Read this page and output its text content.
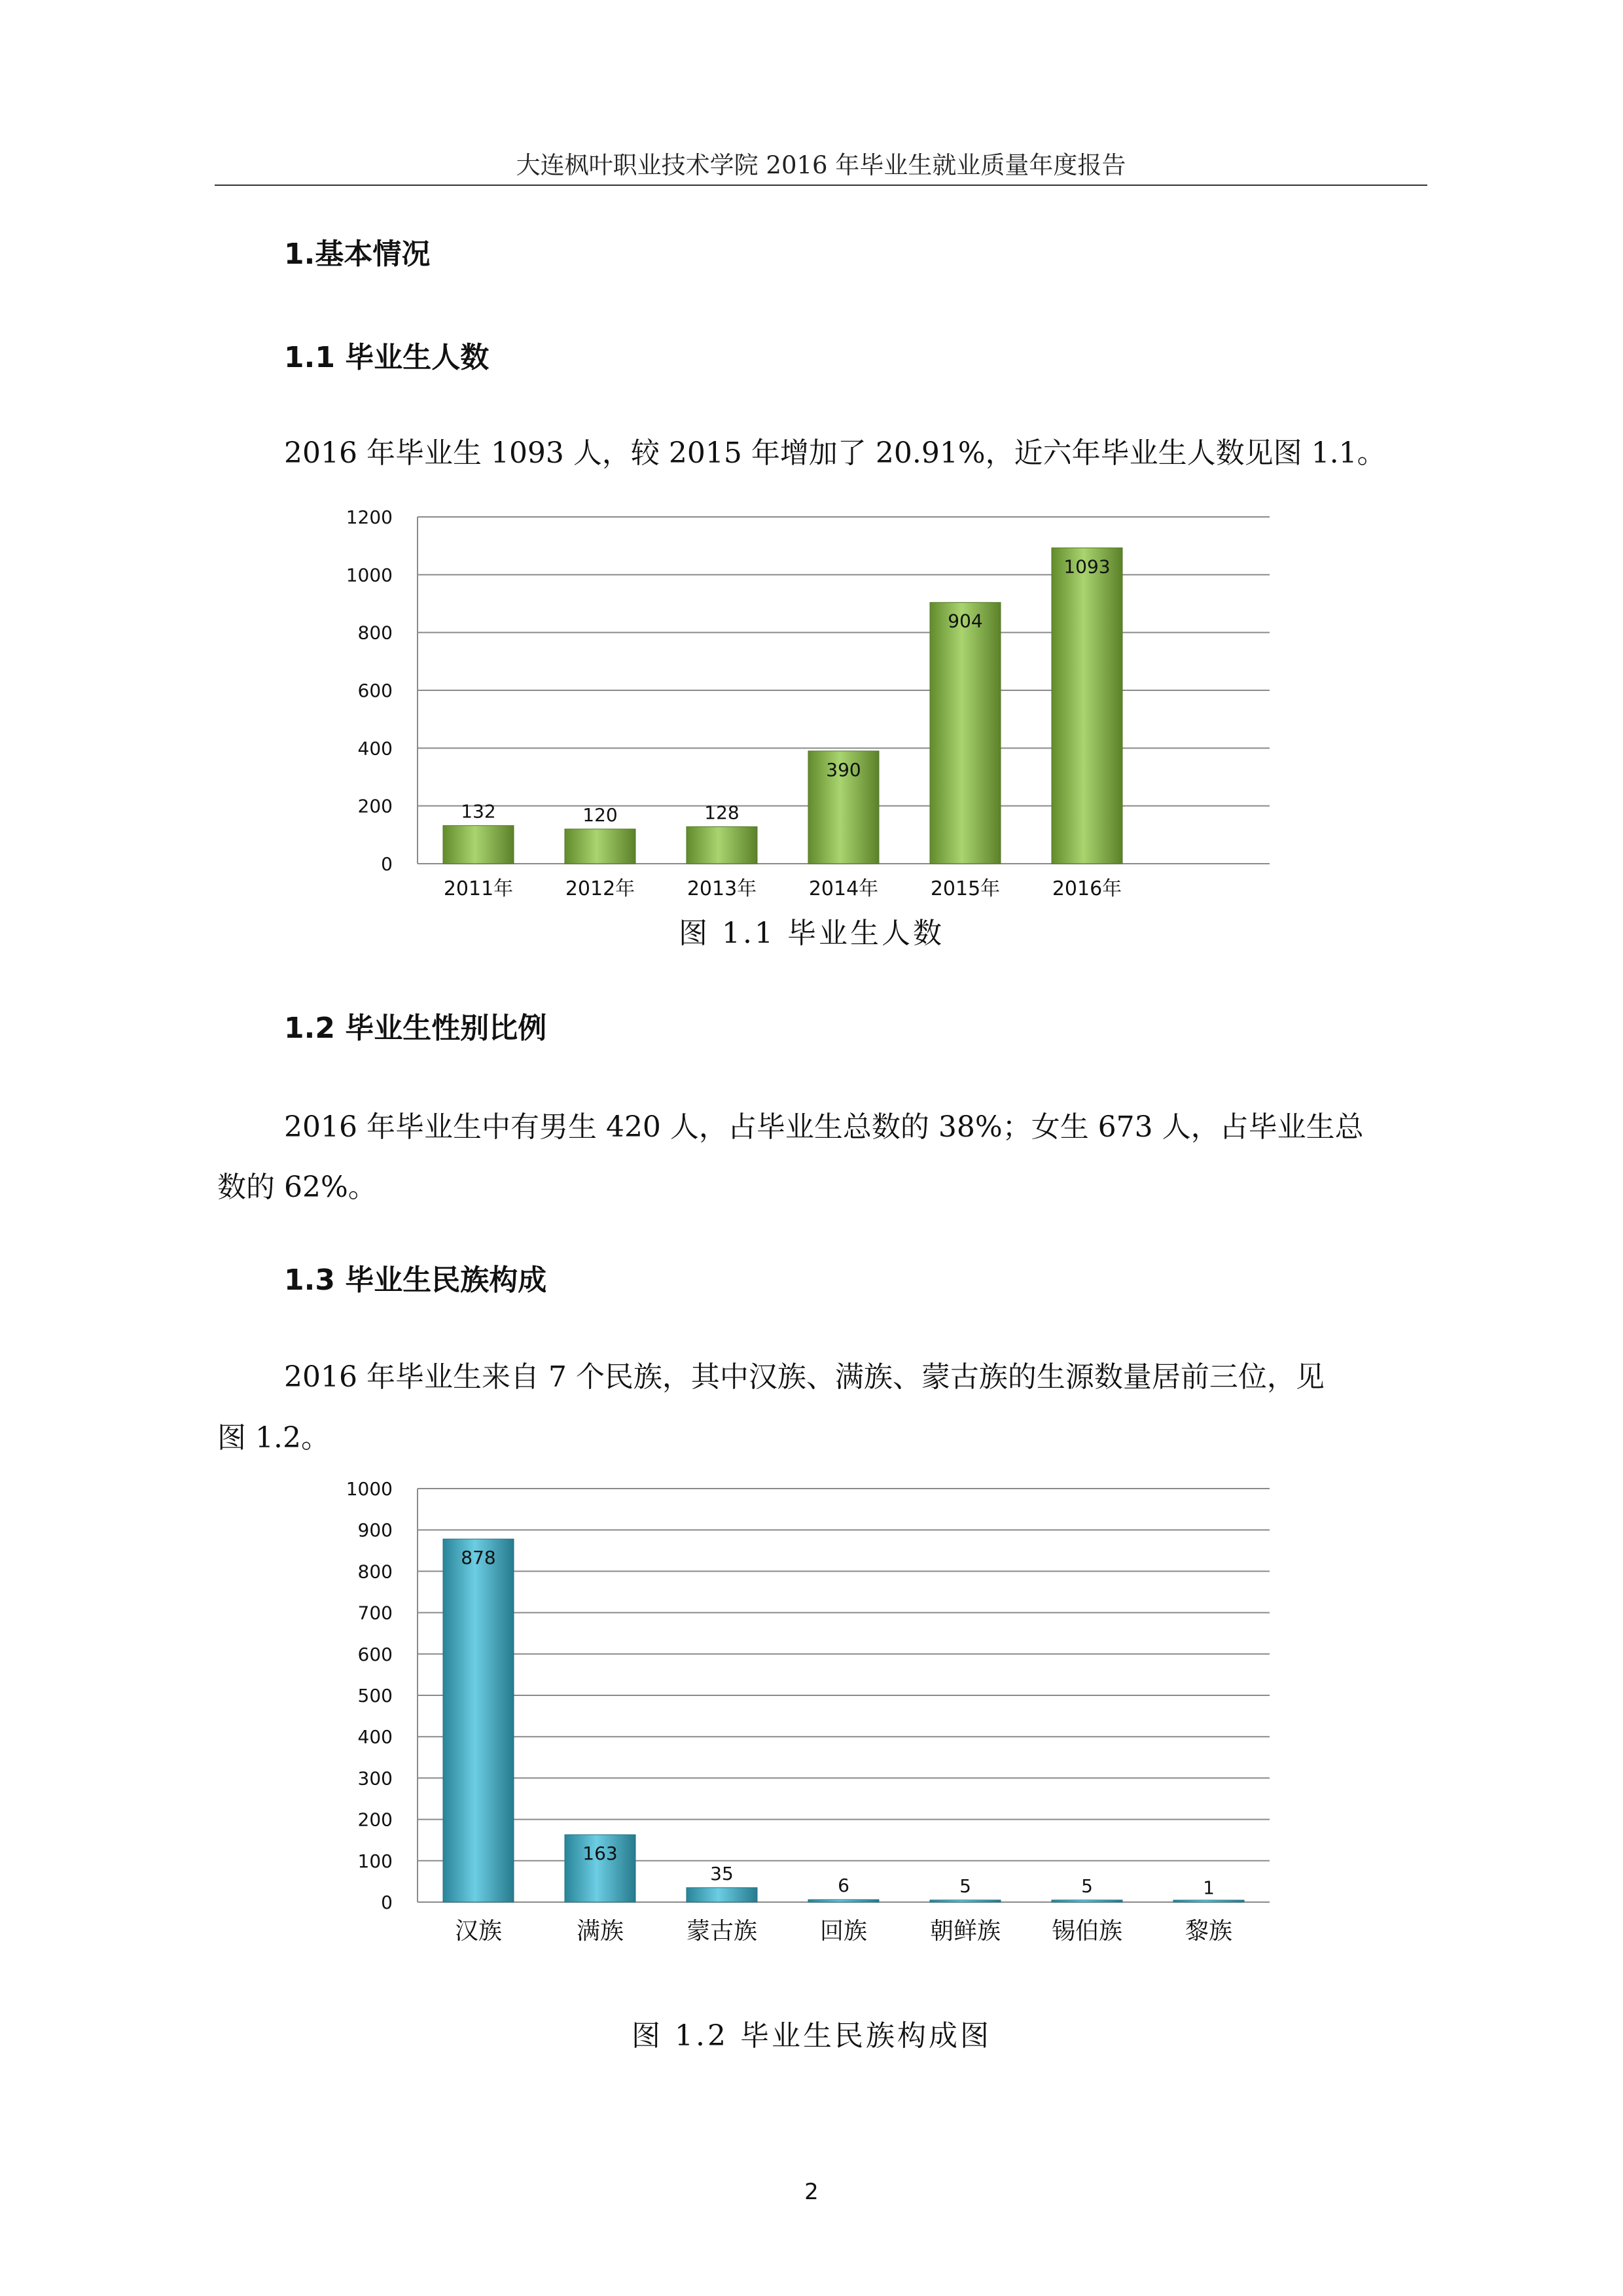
大连枫叶职业技术学院 2016 年毕业生就业质量年度报告
1.基本情况
1.1 毕业生人数
2016 年毕业生 1093 人，较 2015 年增加了 20.91%，近六年毕业生人数见图 1.1。
0
200
400
600
800
1000
1200
132
2011年
120
2012年
128
2013年
390
2014年
904
2015年
1093
2016年
图 1.1 毕业生人数
1.2 毕业生性别比例
2016 年毕业生中有男生 420 人，占毕业生总数的 38%；女生 673 人，占毕业生总
数的 62%。
1.3 毕业生民族构成
2016 年毕业生来自 7 个民族，其中汉族、满族、蒙古族的生源数量居前三位，见
图 1.2。
0
100
200
300
400
500
600
700
800
900
1000
878
汉族
163
满族
35
蒙古族
6
回族
5
朝鲜族
5
锡伯族
1
黎族
图 1.2 毕业生民族构成图
2
